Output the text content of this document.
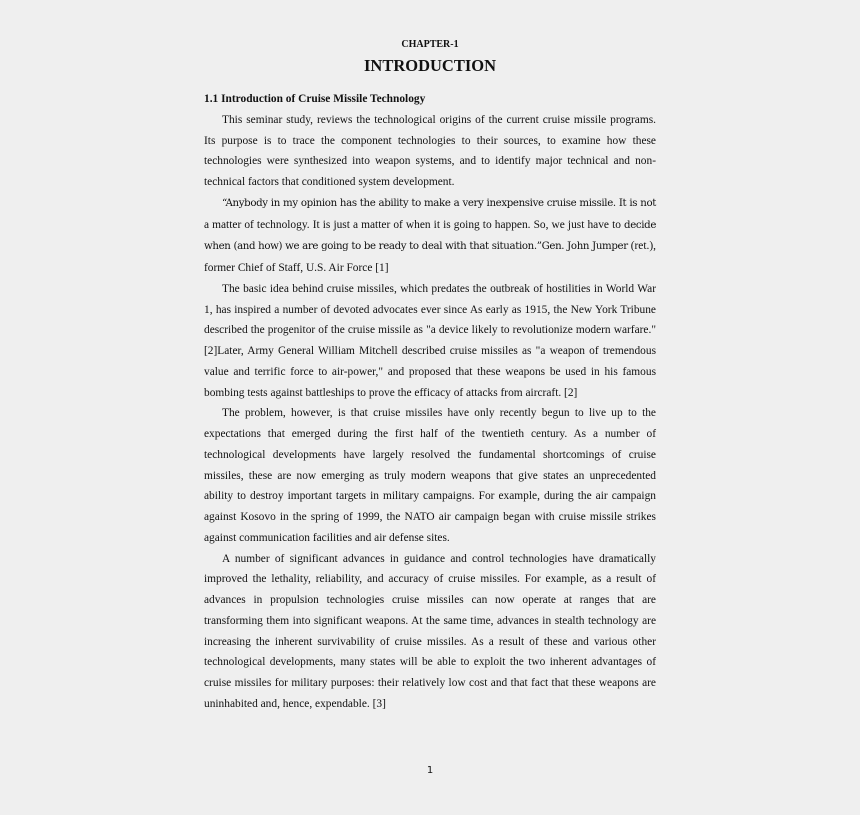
CHAPTER-1
INTRODUCTION

1.1 Introduction of Cruise Missile Technology

This seminar study, reviews the technological origins of the current cruise missile programs. Its purpose is to trace the component technologies to their sources, to examine how these technologies were synthesized into weapon systems, and to identify major technical and non-technical factors that conditioned system development.

“Anybody in my opinion has the ability to make a very inexpensive cruise missile. It is not a matter of technology. It is just a matter of when it is going to happen. So, we just have to decide when (and how) we are going to be ready to deal with that situation.”Gen. John Jumper (ret.), former Chief of Staff, U.S. Air Force [1]

The basic idea behind cruise missiles, which predates the outbreak of hostilities in World War 1, has inspired a number of devoted advocates ever since As early as 1915, the New York Tribune described the progenitor of the cruise missile as "a device likely to revolutionize modern warfare."[2]Later, Army General William Mitchell described cruise missiles as "a weapon of tremendous value and terrific force to air-power," and proposed that these weapons be used in his famous bombing tests against battleships to prove the efficacy of attacks from aircraft. [2]

The problem, however, is that cruise missiles have only recently begun to live up to the expectations that emerged during the first half of the twentieth century. As a number of technological developments have largely resolved the fundamental shortcomings of cruise missiles, these are now emerging as truly modern weapons that give states an unprecedented ability to destroy important targets in military campaigns. For example, during the air campaign against Kosovo in the spring of 1999, the NATO air campaign began with cruise missile strikes against communication facilities and air defense sites.

A number of significant advances in guidance and control technologies have dramatically improved the lethality, reliability, and accuracy of cruise missiles. For example, as a result of advances in propulsion technologies cruise missiles can now operate at ranges that are transforming them into significant weapons. At the same time, advances in stealth technology are increasing the inherent survivability of cruise missiles. As a result of these and various other technological developments, many states will be able to exploit the two inherent advantages of cruise missiles for military purposes: their relatively low cost and that fact that these weapons are uninhabited and, hence, expendable. [3]

1
